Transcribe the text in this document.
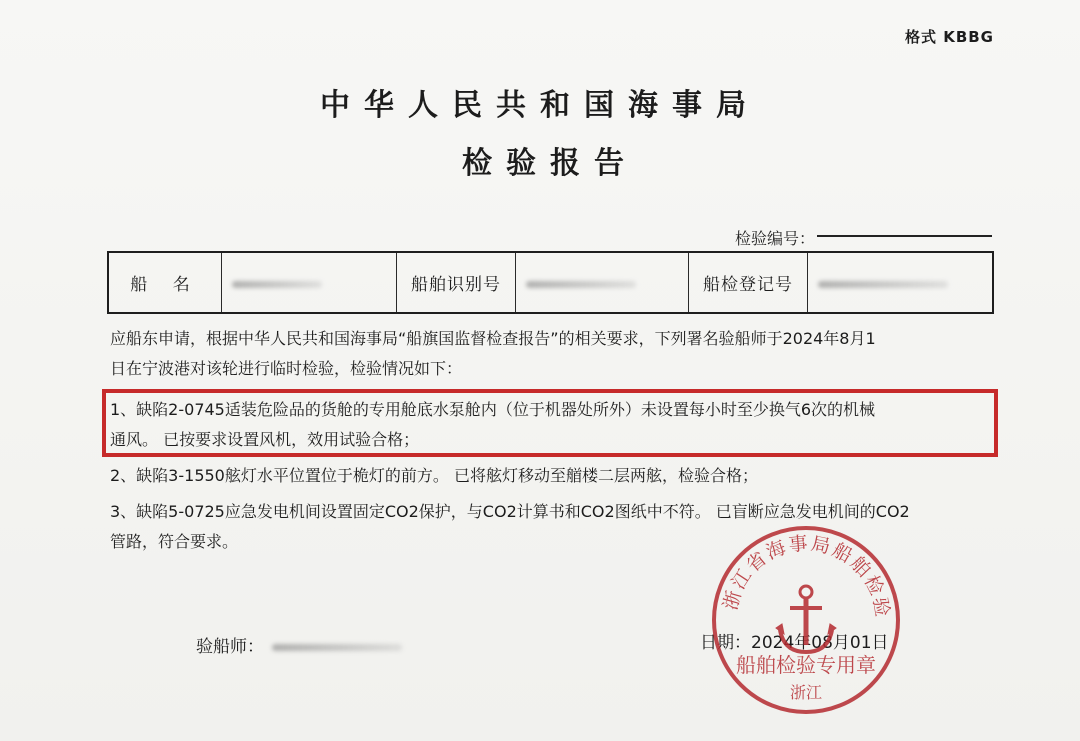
格式 KBBG
中华人民共和国海事局
检验报告
检验编号：
船 名		船舶识别号		船检登记号	
应船东申请，根据中华人民共和国海事局“船旗国监督检查报告”的相关要求，下列署名验船师于2024年8月1
日在宁波港对该轮进行临时检验，检验情况如下：
1、缺陷2-0745适装危险品的货舱的专用舱底水泵舱内（位于机器处所外）未设置每小时至少换气6次的机械
通风。 已按要求设置风机，效用试验合格；
2、缺陷3-1550舷灯水平位置位于桅灯的前方。 已将舷灯移动至艏楼二层两舷，检验合格；
3、缺陷5-0725应急发电机间设置固定CO2保护，与CO2计算书和CO2图纸中不符。 已盲断应急发电机间的CO2
管路，符合要求。
验船师：	日期：2024年08月01日
浙江省海事局船舶检验
船舶检验专用章
浙江
